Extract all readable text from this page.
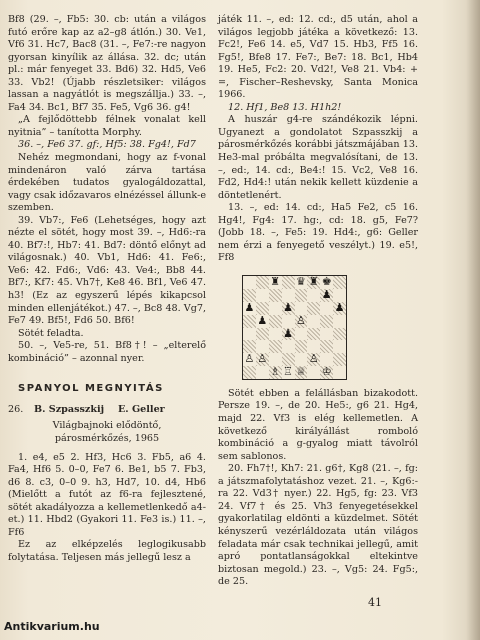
Bf8 (29. –, Fb5: 30. cb: után a világos futó erőre kap az a2–g8 átlón.) 30. Ve1, Vf6 31. Hc7, Bac8 (31. –, Fe7:-re nagyon gyorsan kinyílik az állása. 32. dc; után pl.: már fenyeget 33. Bd6) 32. Hd5, Ve6 33. Vb2! (Újabb részletsiker: világos lassan a nagyátlót is megszállja.) 33. –, Fa4 34. Bc1, Bf7 35. Fe5, Vg6 36. g4!

„A fejlődöttebb félnek vonalat kell nyitnia” – tanította Morphy.

36. –, Fe6 37. gf:, Hf5: 38. Fg4!, Fd7

Nehéz megmondani, hogy az f-vonal mindenáron való zárva tartása érdekében tudatos gyalogáldozattal, vagy csak időzavaros elnézéssel állunk-e szemben.

39. Vb7:, Fe6 (Lehetséges, hogy azt nézte el sötét, hogy most 39. –, Hd6:-ra 40. Bf7:!, Hb7: 41. Bd7: döntő előnyt ad világosnak.) 40. Vb1, Hd6: 41. Fe6:, Ve6: 42. Fd6:, Vd6: 43. Ve4:, Bb8 44. Bf7:, Kf7: 45. Vh7†, Ke8 46. Bf1, Ve6 47. h3! (Ez az egyszerű lépés kikapcsol minden ellenjátékot.) 47. –, Bc8 48. Vg7, Fe7 49. Bf5!, Fd6 50. Bf6!

Sötét feladta.

50. –, Ve5-re, 51. Bf8†! – „elterelő kombináció” – azonnal nyer.

SPANYOL MEGNYITÁS
26.	B. Szpasszkij	E. Geller

Világbajnoki elődöntő,

párosmérkőzés, 1965

1. e4, e5 2. Hf3, Hc6 3. Fb5, a6 4. Fa4, Hf6 5. 0–0, Fe7 6. Be1, b5 7. Fb3, d6 8. c3, 0–0 9. h3, Hd7, 10. d4, Hb6 (Mielőtt a futót az f6-ra fejlesztené, sötét akadályozza a kellemetlenkedő a4-et.) 11. Hbd2 (Gyakori 11. Fe3 is.) 11. –, Ff6

Ez az elképzelés leglogikusabb folytatása. Teljesen más jellegű lesz a

játék 11. –, ed: 12. cd:, d5 után, ahol a világos legjobb játéka a következő: 13. Fc2!, Fe6 14. e5, Vd7 15. Hb3, Ff5 16. Fg5!, Bfe8 17. Fe7:, Be7: 18. Bc1, Hb4 19. He5, Fc2: 20. Vd2!, Ve8 21. Vb4: + =, Fischer–Reshevsky, Santa Monica 1966.

12. Hf1, Be8 13. H1h2!

A huszár g4-re szándékozik lépni. Ugyanezt a gondolatot Szpasszkij a párosmérkőzés korábbi játszmájában 13. He3-mal próbálta megvalósítani, de 13. –, ed:, 14. cd:, Be4:! 15. Vc2, Ve8 16. Fd2, Hd4:! után nekik kellett küzdenie a döntetlenért.

13. –, ed: 14. cd:, Ha5 Fe2, c5 16. Hg4!, Fg4: 17. hg:, cd: 18. g5, Fe7? (Jobb 18. –, Fe5: 19. Hd4:, g6: Geller nem érzi a fenyegető veszélyt.) 19. e5!, Ff8

♜ ♛ ♜ ♚
♟
♟	♟	♟
♟	♙
♟
♙ ♙	♙
♗ ♖ ♕ ♔

Sötét ebben a felállásban bizakodott. Persze 19. –, de 20. He5:, g6 21. Hg4, majd 22. Vf3 is elég kellemetlen. A következő királyállást romboló kombináció a g-gyalog miatt távolról sem sablonos.

20. Fh7†!, Kh7: 21. g6†, Kg8 (21. –, fg: a játszmafolytatáshoz vezet. 21. –, Kg6:-ra 22. Vd3† nyer.) 22. Hg5, fg: 23. Vf3 24. Vf7† és 25. Vh3 fenyegetésekkel gyakorlatilag eldönti a küzdelmet. Sötét kényszerű vezérláldozata után világos feladata már csak technikai jellegű, amit apró pontatlanságokkal eltekintve biztosan megold.) 23. –, Vg5: 24. Fg5:, de 25.

41
Antikvarium.hu
